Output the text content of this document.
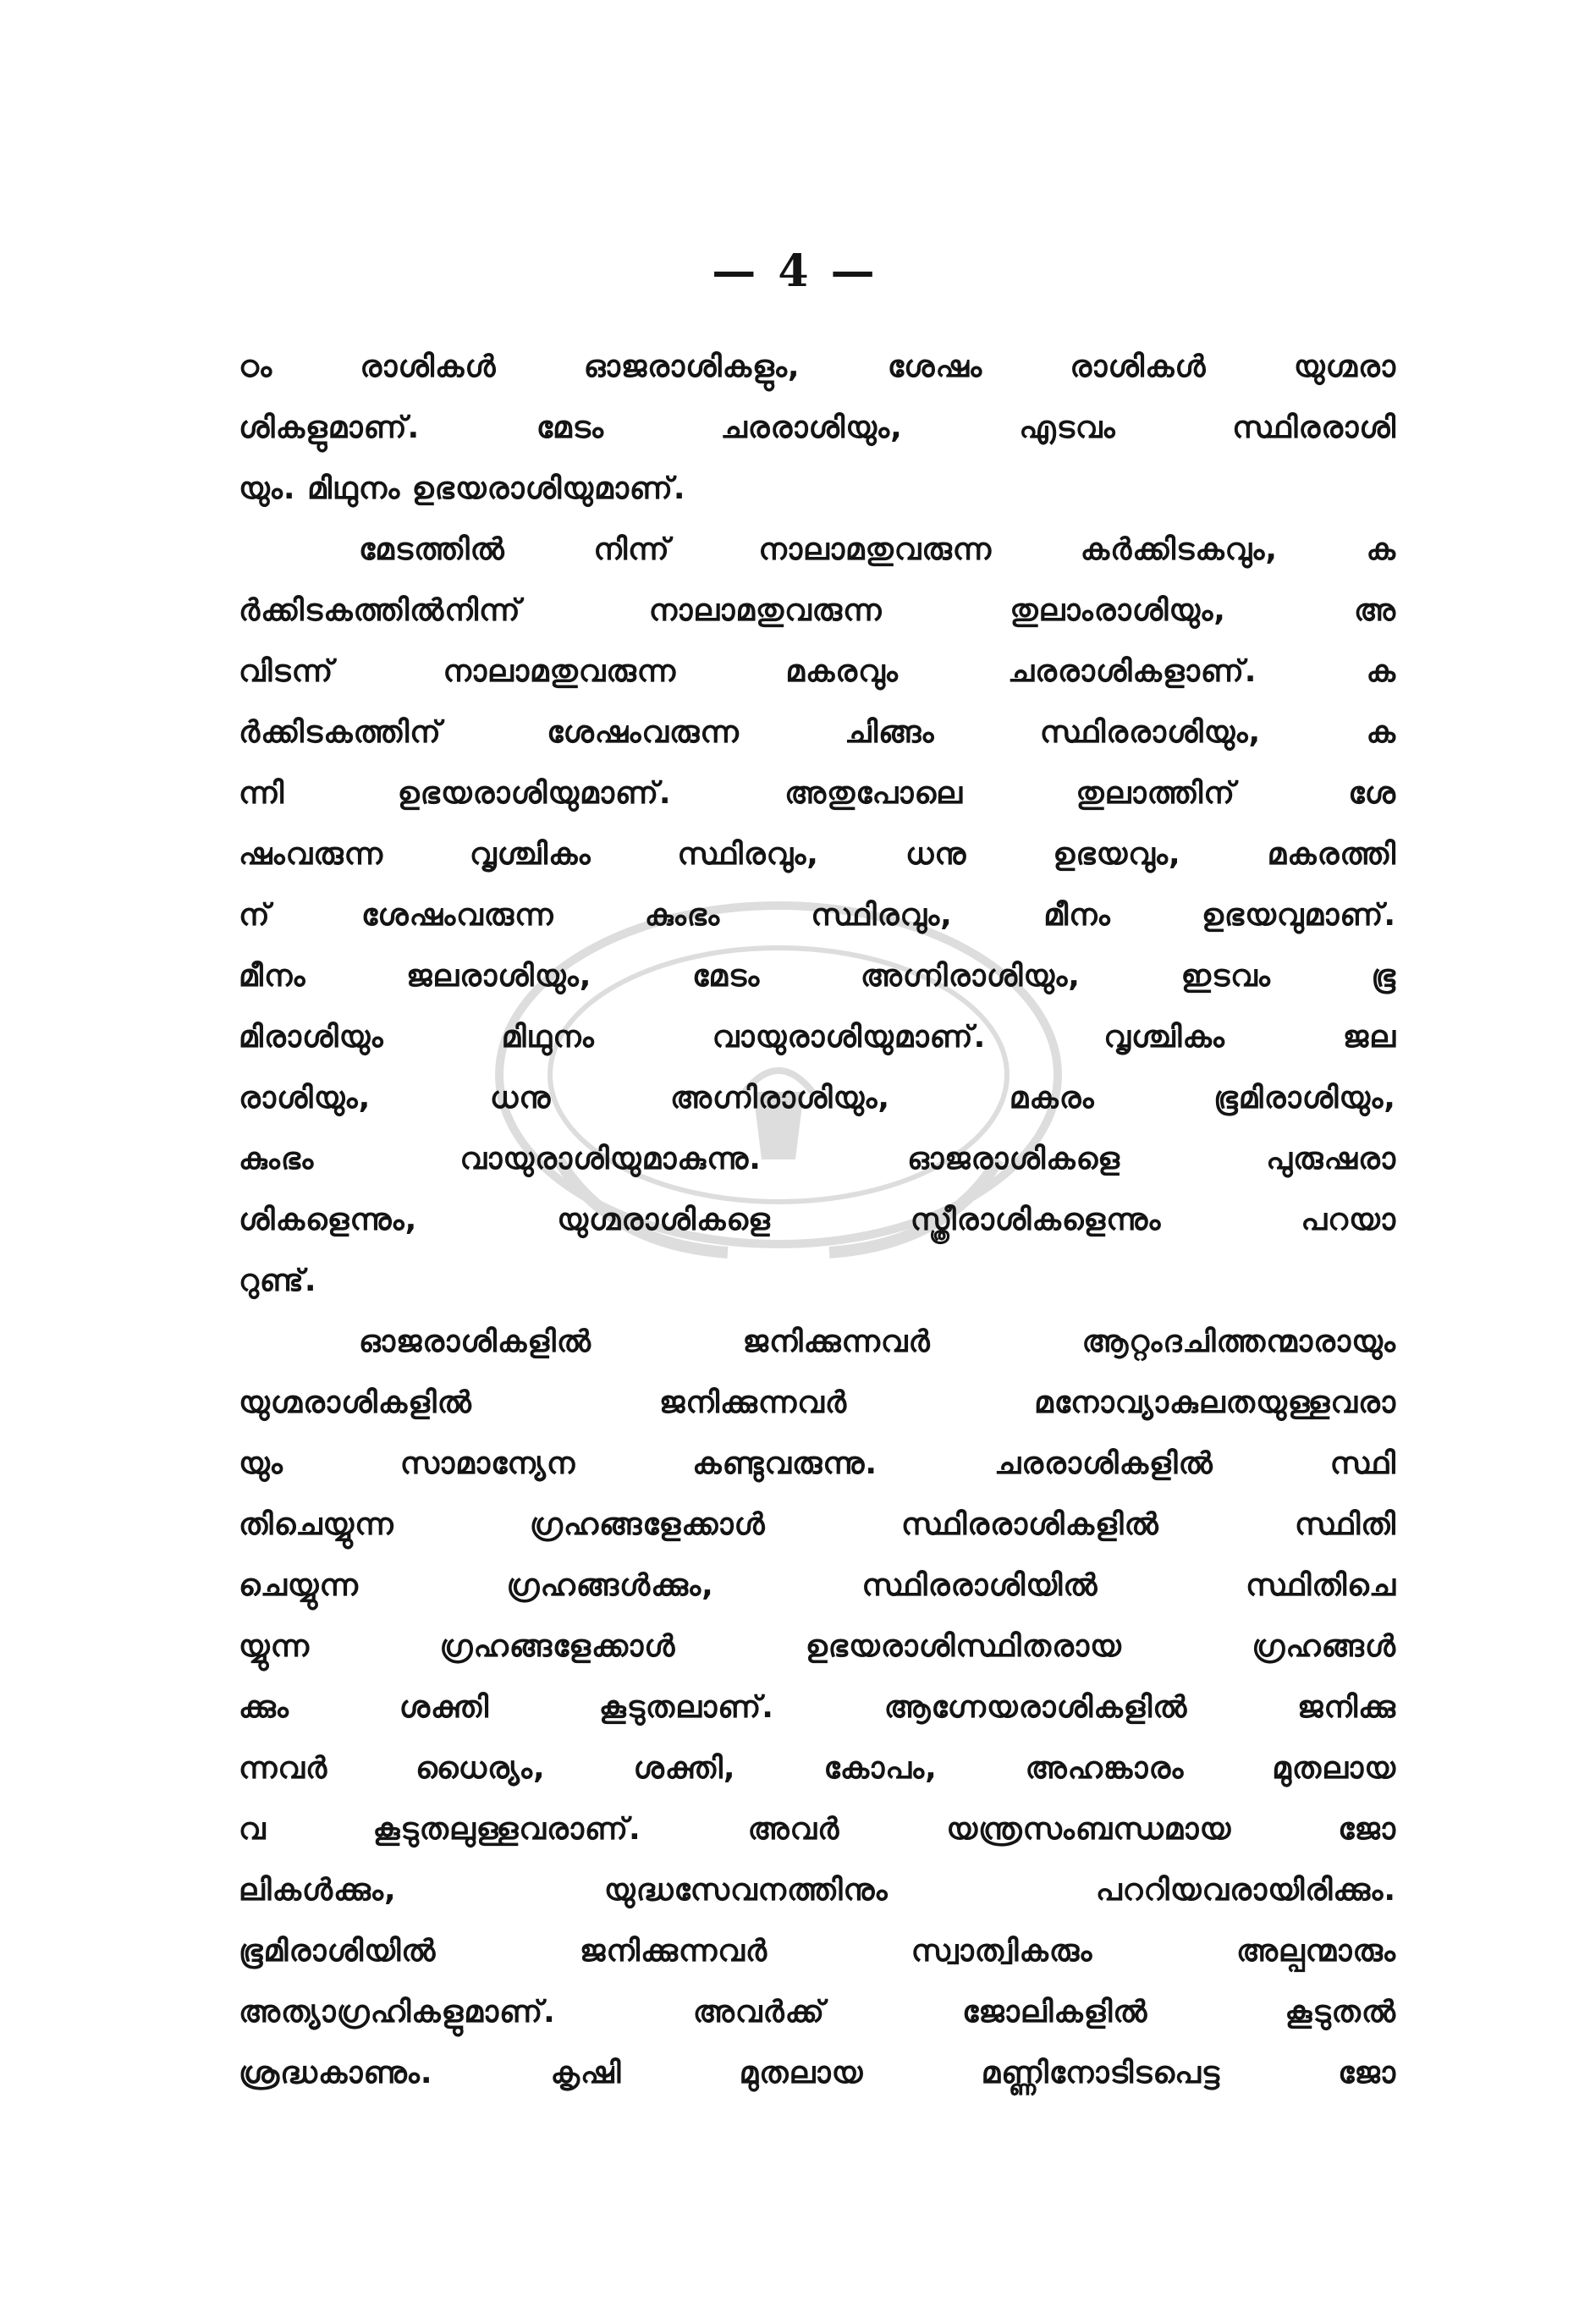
— 4 —
ഠം രാശികൾ ഓജരാശികളും, ശേഷം രാശികൾ യുഗ്മരാ
ശികളുമാണ്. മേടം ചരരാശിയും, എടവം സ്ഥിരരാശി
യും. മിഥുനം ഉഭയരാശിയുമാണ്.
മേടത്തിൽ നിന്ന് നാലാമതുവരുന്ന കർക്കിടകവും, ക
ർക്കിടകത്തിൽനിന്ന് നാലാമതുവരുന്ന തുലാംരാശിയും, അ
വിടന്ന് നാലാമതുവരുന്ന മകരവും ചരരാശികളാണ്. ക
ർക്കിടകത്തിന് ശേഷംവരുന്ന ചിങ്ങം സ്ഥിരരാശിയും, ക
ന്നി ഉഭയരാശിയുമാണ്. അതുപോലെ തുലാത്തിന് ശേ
ഷംവരുന്ന വൃശ്ചികം സ്ഥിരവും, ധനു ഉഭയവും, മകരത്തി
ന് ശേഷംവരുന്ന കുംഭം സ്ഥിരവും, മീനം ഉഭയവുമാണ്.
മീനം ജലരാശിയും, മേടം അഗ്നിരാശിയും, ഇടവം ഭൂ
മിരാശിയും മിഥുനം വായുരാശിയുമാണ്. വൃശ്ചികം ജല
രാശിയും, ധനു അഗ്നിരാശിയും, മകരം ഭൂമിരാശിയും,
കുംഭം വായുരാശിയുമാകുന്നു. ഓജരാശികളെ പുരുഷരാ
ശികളെന്നും, യുഗ്മരാശികളെ സ്ത്രീരാശികളെന്നും പറയാ
റുണ്ട്.
ഓജരാശികളിൽ ജനിക്കുന്നവർ ആറ്റംദചിത്തന്മാരായും
യുഗ്മരാശികളിൽ ജനിക്കുന്നവർ മനോവ്യാകുലതയുള്ളവരാ
യും സാമാന്യേന കണ്ടുവരുന്നു. ചരരാശികളിൽ സ്ഥി
തിചെയ്യുന്ന ഗ്രഹങ്ങളേക്കാൾ സ്ഥിരരാശികളിൽ സ്ഥിതി
ചെയ്യുന്ന ഗ്രഹങ്ങൾക്കും, സ്ഥിരരാശിയിൽ സ്ഥിതിചെ
യ്യുന്ന ഗ്രഹങ്ങളേക്കാൾ ഉഭയരാശിസ്ഥിതരായ ഗ്രഹങ്ങൾ
ക്കും ശക്തി കൂടുതലാണ്. ആഗ്നേയരാശികളിൽ ജനിക്കു
ന്നവർ ധൈര്യം, ശക്തി, കോപം, അഹങ്കാരം മുതലായ
വ കൂടുതലുള്ളവരാണ്. അവർ യന്ത്രസംബന്ധമായ ജോ
ലികൾക്കും, യുദ്ധസേവനത്തിനും പററിയവരായിരിക്കും.
ഭൂമിരാശിയിൽ ജനിക്കുന്നവർ സ്വാത്വികരും അല്പന്മാരും
അത്യാഗ്രഹികളുമാണ്. അവർക്ക് ജോലികളിൽ കൂടുതൽ
ശ്രദ്ധകാണും. കൃഷി മുതലായ മണ്ണിനോടിടപെട്ട ജോ
